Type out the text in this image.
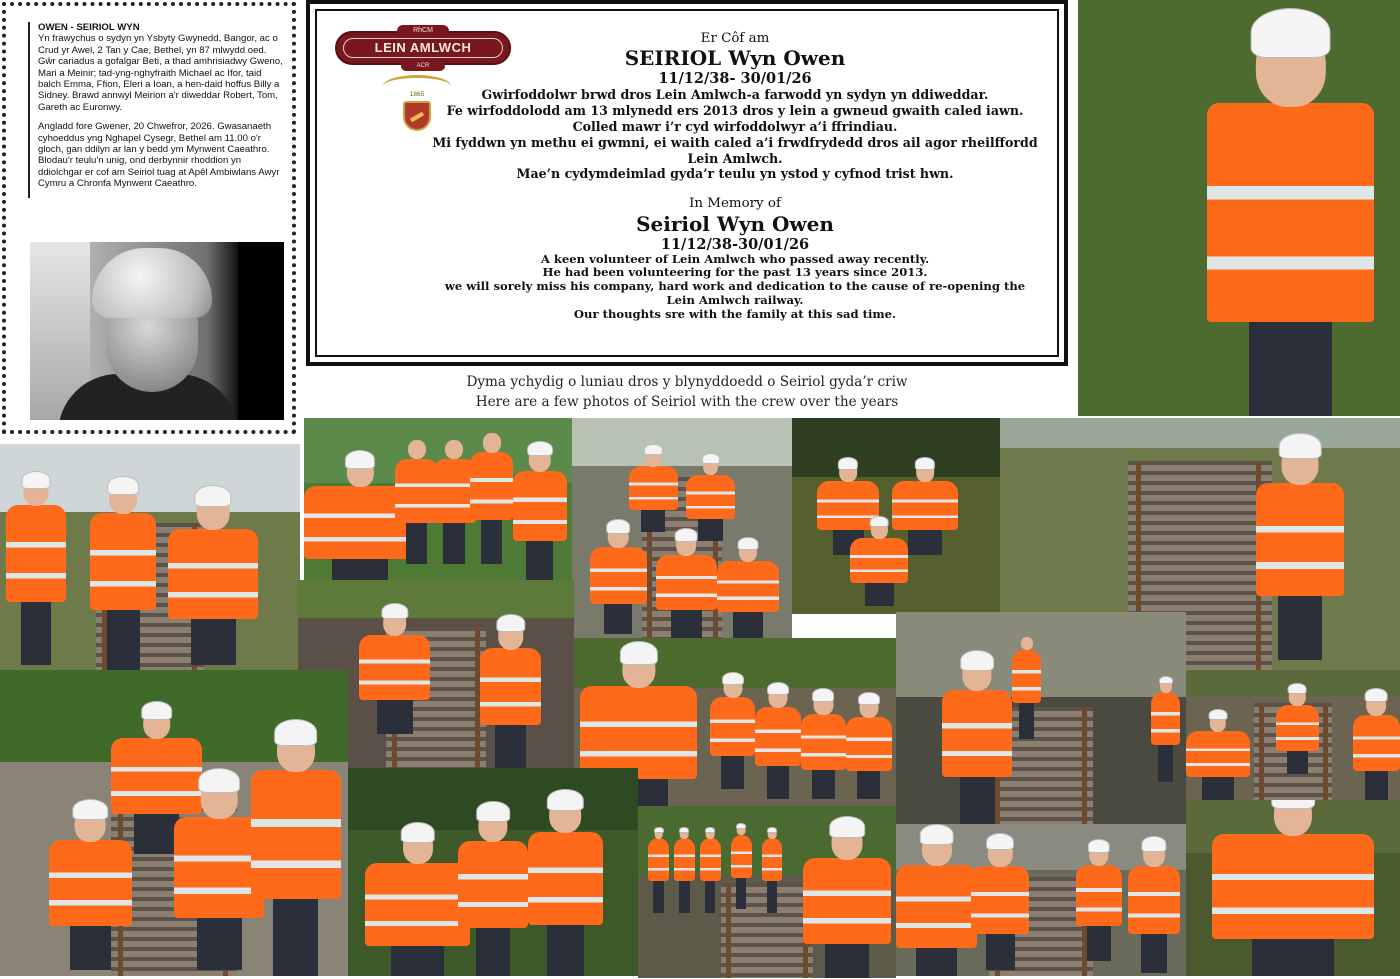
OWEN - SEIRIOL WYN

Yn frawychus o sydyn yn Ysbyty Gwynedd, Bangor, ac o Crud yr Awel, 2 Tan y Cae, Bethel, yn 87 mlwydd oed. Gŵr cariadus a gofalgar Beti, a thad amhrisiadwy Gweno, Mari a Meinir; tad-yng-nghyfraith Michael ac Ifor, taid balch Emma, Ffion, Eleri a Ioan, a hen-daid hoffus Billy a Sidney. Brawd annwyl Meirion a'r diweddar Robert, Tom, Gareth ac Euronwy.

Angladd fore Gwener, 20 Chwefror, 2026. Gwasanaeth cyhoeddus yng Nghapel Cysegr, Bethel am 11.00 o'r gloch, gan ddilyn ar lan y bedd ym Mynwent Caeathro. Blodau'r teulu'n unig, ond derbynnir rhoddion yn ddiolchgar er cof am Seiriol tuag at Apêl Ambiwlans Awyr Cymru a Chronfa Mynwent Caeathro.

RhCM
LEIN AMLWCH
ACR
1865
Er Côf am
SEIRIOL Wyn Owen
11/12/38- 30/01/26
Gwirfoddolwr brwd dros Lein Amlwch-a farwodd yn sydyn yn ddiweddar.
Fe wirfoddolodd am 13 mlynedd ers 2013 dros y lein a gwneud gwaith caled iawn.
Colled mawr i’r cyd wirfoddolwyr a’i ffrindiau.
Mi fyddwn yn methu ei gwmni, ei waith caled a’i frwdfrydedd dros ail agor rheilffordd
Lein Amlwch.
Mae’n cydymdeimlad gyda’r teulu yn ystod y cyfnod trist hwn.
In Memory of
Seiriol Wyn Owen
11/12/38-30/01/26
A keen volunteer of Lein Amlwch who passed away recently.
He had been volunteering for the past 13 years since 2013.
we will sorely miss his company, hard work and dedication to the cause of re-opening the
Lein Amlwch railway.
Our thoughts sre with the family at this sad time.
Dyma ychydig o luniau dros y blynyddoedd o Seiriol gyda’r criw
Here are a few photos of Seiriol with the crew over the years
